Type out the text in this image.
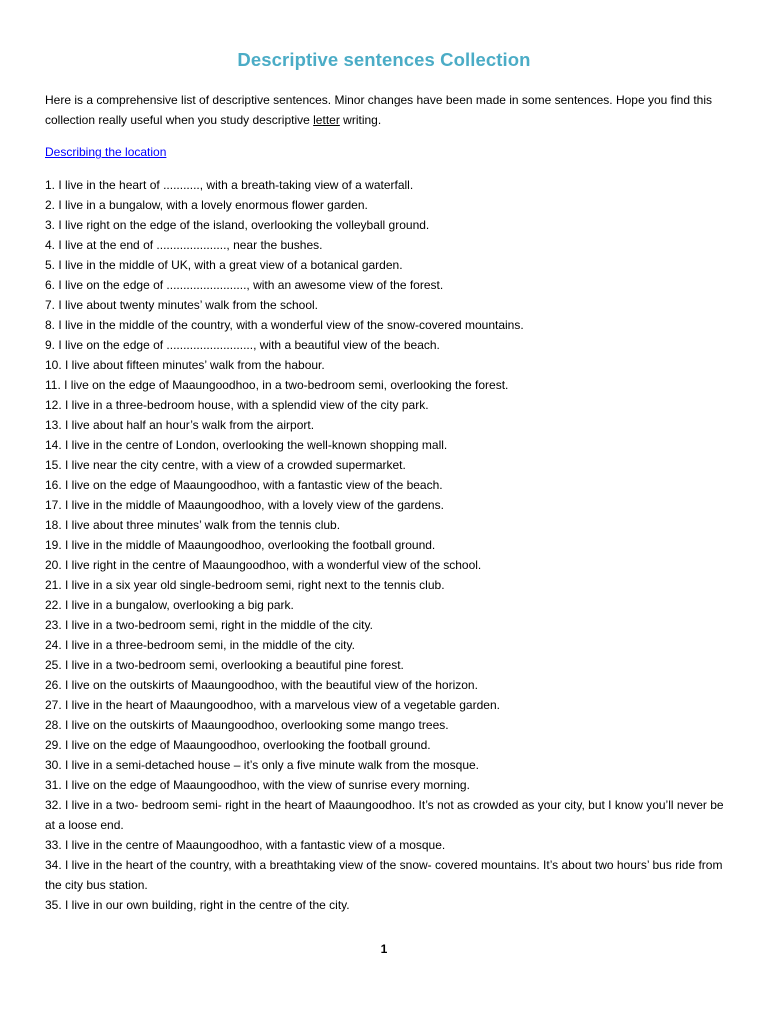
Descriptive sentences Collection
Here is a comprehensive list of descriptive sentences. Minor changes have been made in some sentences. Hope you find this collection really useful when you study descriptive letter writing.
Describing the location
1. I live in the heart of ..........., with a breath-taking view of a waterfall.
2. I live in a bungalow, with a lovely enormous flower garden.
3. I live right on the edge of the island, overlooking the volleyball ground.
4. I live at the end of ....................., near the bushes.
5. I live in the middle of UK, with a great view of a botanical garden.
6. I live on the edge of ........................, with an awesome view of the forest.
7. I live about twenty minutes’ walk from the school.
8. I live in the middle of the country, with a wonderful view of the snow-covered mountains.
9. I live on the edge of .........................., with a beautiful view of the beach.
10. I live about fifteen minutes’ walk from the habour.
11. I live on the edge of Maaungoodhoo, in a two-bedroom semi, overlooking the forest.
12. I live in a three-bedroom house, with a splendid view of the city park.
13. I live about half an hour’s walk from the airport.
14. I live in the centre of London, overlooking the well-known shopping mall.
15. I live near the city centre, with a view of a crowded supermarket.
16. I live on the edge of Maaungoodhoo, with a fantastic view of the beach.
17. I live in the middle of Maaungoodhoo, with a lovely view of the gardens.
18. I live about three minutes’ walk from the tennis club.
19. I live in the middle of Maaungoodhoo, overlooking the football ground.
20. I live right in the centre of Maaungoodhoo, with a wonderful view of the school.
21. I live in a six year old single-bedroom semi, right next to the tennis club.
22. I live in a bungalow, overlooking a big park.
23. I live in a two-bedroom semi, right in the middle of the city.
24. I live in a three-bedroom semi, in the middle of the city.
25. I live in a two-bedroom semi, overlooking a beautiful pine forest.
26. I live on the outskirts of Maaungoodhoo, with the beautiful view of the horizon.
27. I live in the heart of Maaungoodhoo, with a marvelous view of a vegetable garden.
28. I live on the outskirts of Maaungoodhoo, overlooking some mango trees.
29. I live on the edge of Maaungoodhoo, overlooking the football ground.
30. I live in a semi-detached house – it’s only a five minute walk from the mosque.
31. I live on the edge of Maaungoodhoo, with the view of sunrise every morning.
32. I live in a two- bedroom semi- right in the heart of Maaungoodhoo. It’s not as crowded as your city, but I know you’ll never be at a loose end.
33. I live in the centre of Maaungoodhoo, with a fantastic view of a mosque.
34. I live in the heart of the country, with a breathtaking view of the snow- covered mountains. It’s about two hours’ bus ride from the city bus station.
35. I live in our own building, right in the centre of the city.
1
